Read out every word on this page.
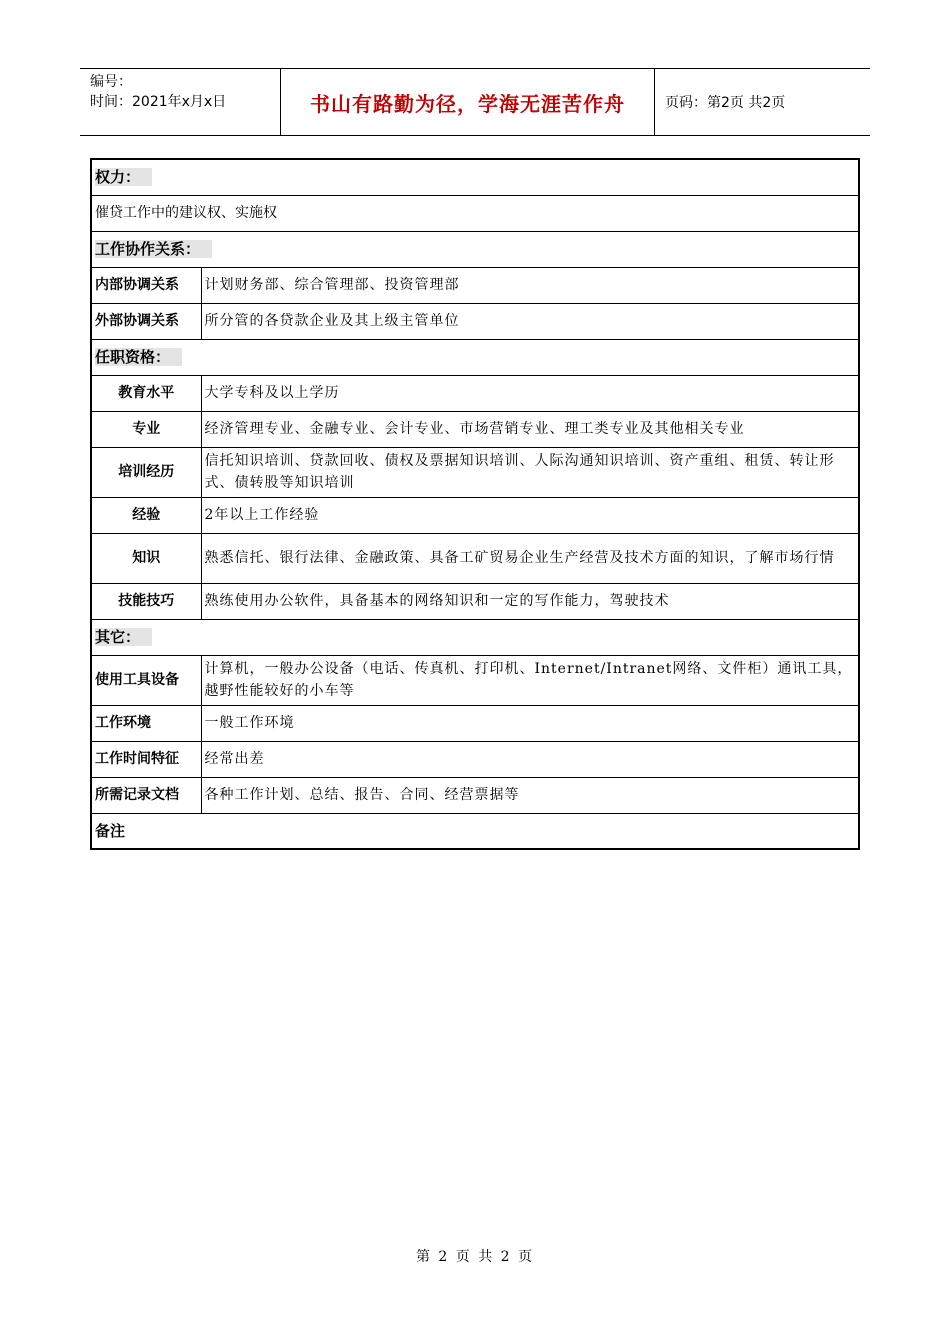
编号：
时间：2021年x月x日	书山有路勤为径，学海无涯苦作舟	页码：第2页 共2页
权力：	
催贷工作中的建议权、实施权	
工作协作关系：	
内部协调关系	计划财务部、综合管理部、投资管理部
外部协调关系	所分管的各贷款企业及其上级主管单位
任职资格：	
教育水平	大学专科及以上学历
专业	经济管理专业、金融专业、会计专业、市场营销专业、理工类专业及其他相关专业
培训经历	信托知识培训、贷款回收、债权及票据知识培训、人际沟通知识培训、资产重组、租赁、转让形式、债转股等知识培训
经验	2年以上工作经验
知识	熟悉信托、银行法律、金融政策、具备工矿贸易企业生产经营及技术方面的知识，了解市场行情
技能技巧	熟练使用办公软件，具备基本的网络知识和一定的写作能力，驾驶技术
其它：	
使用工具设备	计算机，一般办公设备（电话、传真机、打印机、Internet/Intranet网络、文件柜）通讯工具，越野性能较好的小车等
工作环境	一般工作环境
工作时间特征	经常出差
所需记录文档	各种工作计划、总结、报告、合同、经营票据等
备注	
第 2 页 共 2 页
